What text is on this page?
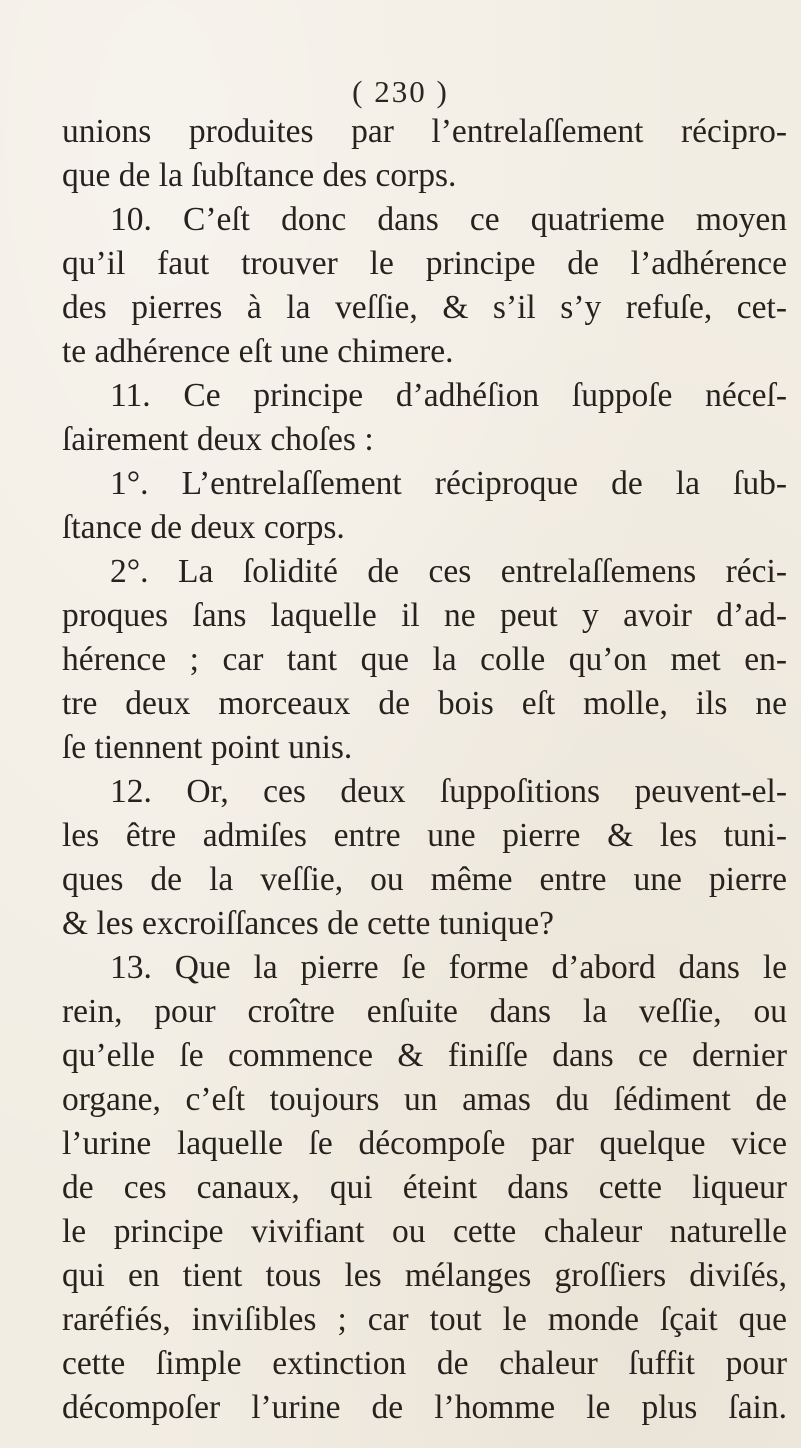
( 230 )
unions produites par l’entrelaſſement récipro-
que de la ſubſtance des corps.
10. C’eſt donc dans ce quatrieme moyen
qu’il faut trouver le principe de l’adhérence
des pierres à la veſſie, & s’il s’y refuſe, cet-
te adhérence eſt une chimere.
11. Ce principe d’adhéſion ſuppoſe néceſ-
ſairement deux choſes :
1°. L’entrelaſſement réciproque de la ſub-
ſtance de deux corps.
2°. La ſolidité de ces entrelaſſemens réci-
proques ſans laquelle il ne peut y avoir d’ad-
hérence ; car tant que la colle qu’on met en-
tre deux morceaux de bois eſt molle, ils ne
ſe tiennent point unis.
12. Or, ces deux ſuppoſitions peuvent-el-
les être admiſes entre une pierre & les tuni-
ques de la veſſie, ou même entre une pierre
& les excroiſſances de cette tunique?
13. Que la pierre ſe forme d’abord dans le
rein, pour croître enſuite dans la veſſie, ou
qu’elle ſe commence & finiſſe dans ce dernier
organe, c’eſt toujours un amas du ſédiment de
l’urine laquelle ſe décompoſe par quelque vice
de ces canaux, qui éteint dans cette liqueur
le principe vivifiant ou cette chaleur naturelle
qui en tient tous les mélanges groſſiers diviſés,
raréfiés, inviſibles ; car tout le monde ſçait que
cette ſimple extinction de chaleur ſuffit pour
décompoſer l’urine de l’homme le plus ſain.
